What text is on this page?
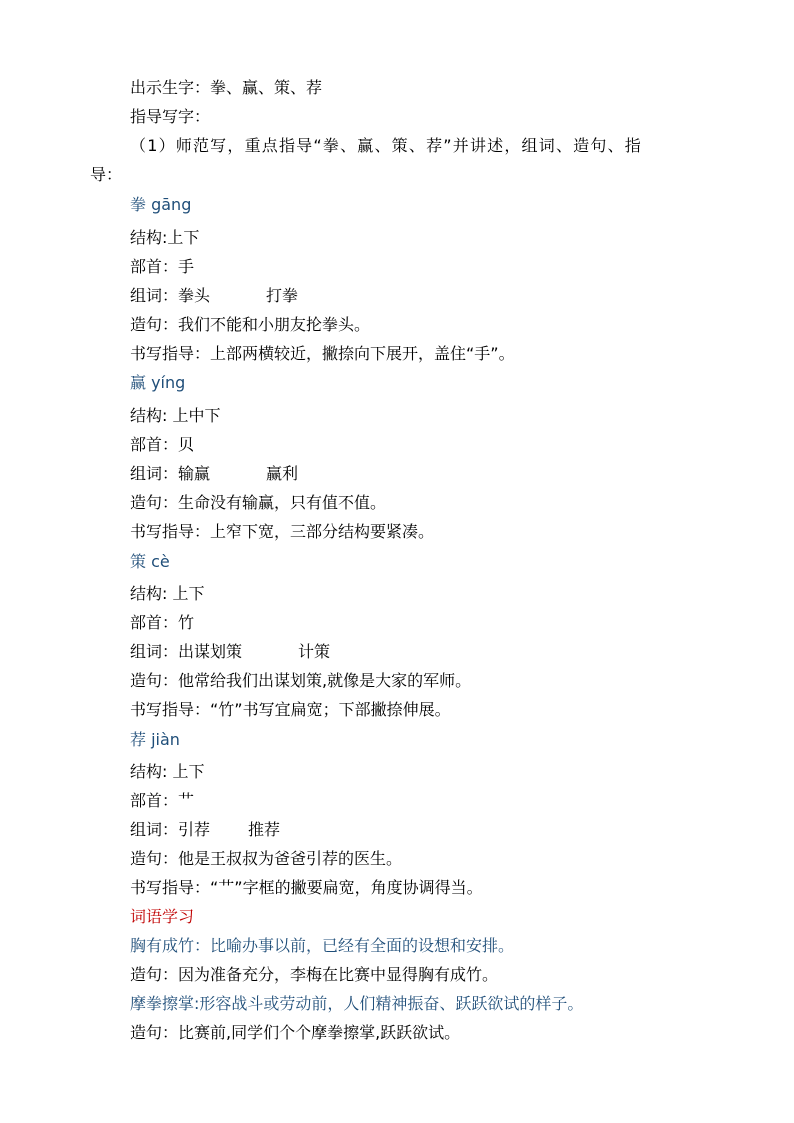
出示生字：拳、赢、策、荐
指导写字：
（1）师范写，重点指导“拳、赢、策、荐”并讲述，组词、造句、指
导：
拳 gāng
结构:上下
部首：手
组词：拳头	打拳
造句：我们不能和小朋友抡拳头。
书写指导：上部两横较近，撇捺向下展开，盖住“手”。
赢 yíng
结构: 上中下
部首：贝
组词：输赢	赢利
造句：生命没有输赢，只有值不值。
书写指导：上窄下宽，三部分结构要紧凑。
策 cè
结构: 上下
部首：竹
组词：出谋划策	计策
造句：他常给我们出谋划策,就像是大家的军师。
书写指导：“竹”书写宜扁宽；下部撇捺伸展。
荐 jiàn
结构: 上下
部首：艹
组词：引荐 推荐
造句：他是王叔叔为爸爸引荐的医生。
书写指导：“艹”字框的撇要扁宽，角度协调得当。
词语学习
胸有成竹：比喻办事以前，已经有全面的设想和安排。
造句：因为准备充分，李梅在比赛中显得胸有成竹。
摩拳擦掌:形容战斗或劳动前，人们精神振奋、跃跃欲试的样子。
造句：比赛前,同学们个个摩拳擦掌,跃跃欲试。
